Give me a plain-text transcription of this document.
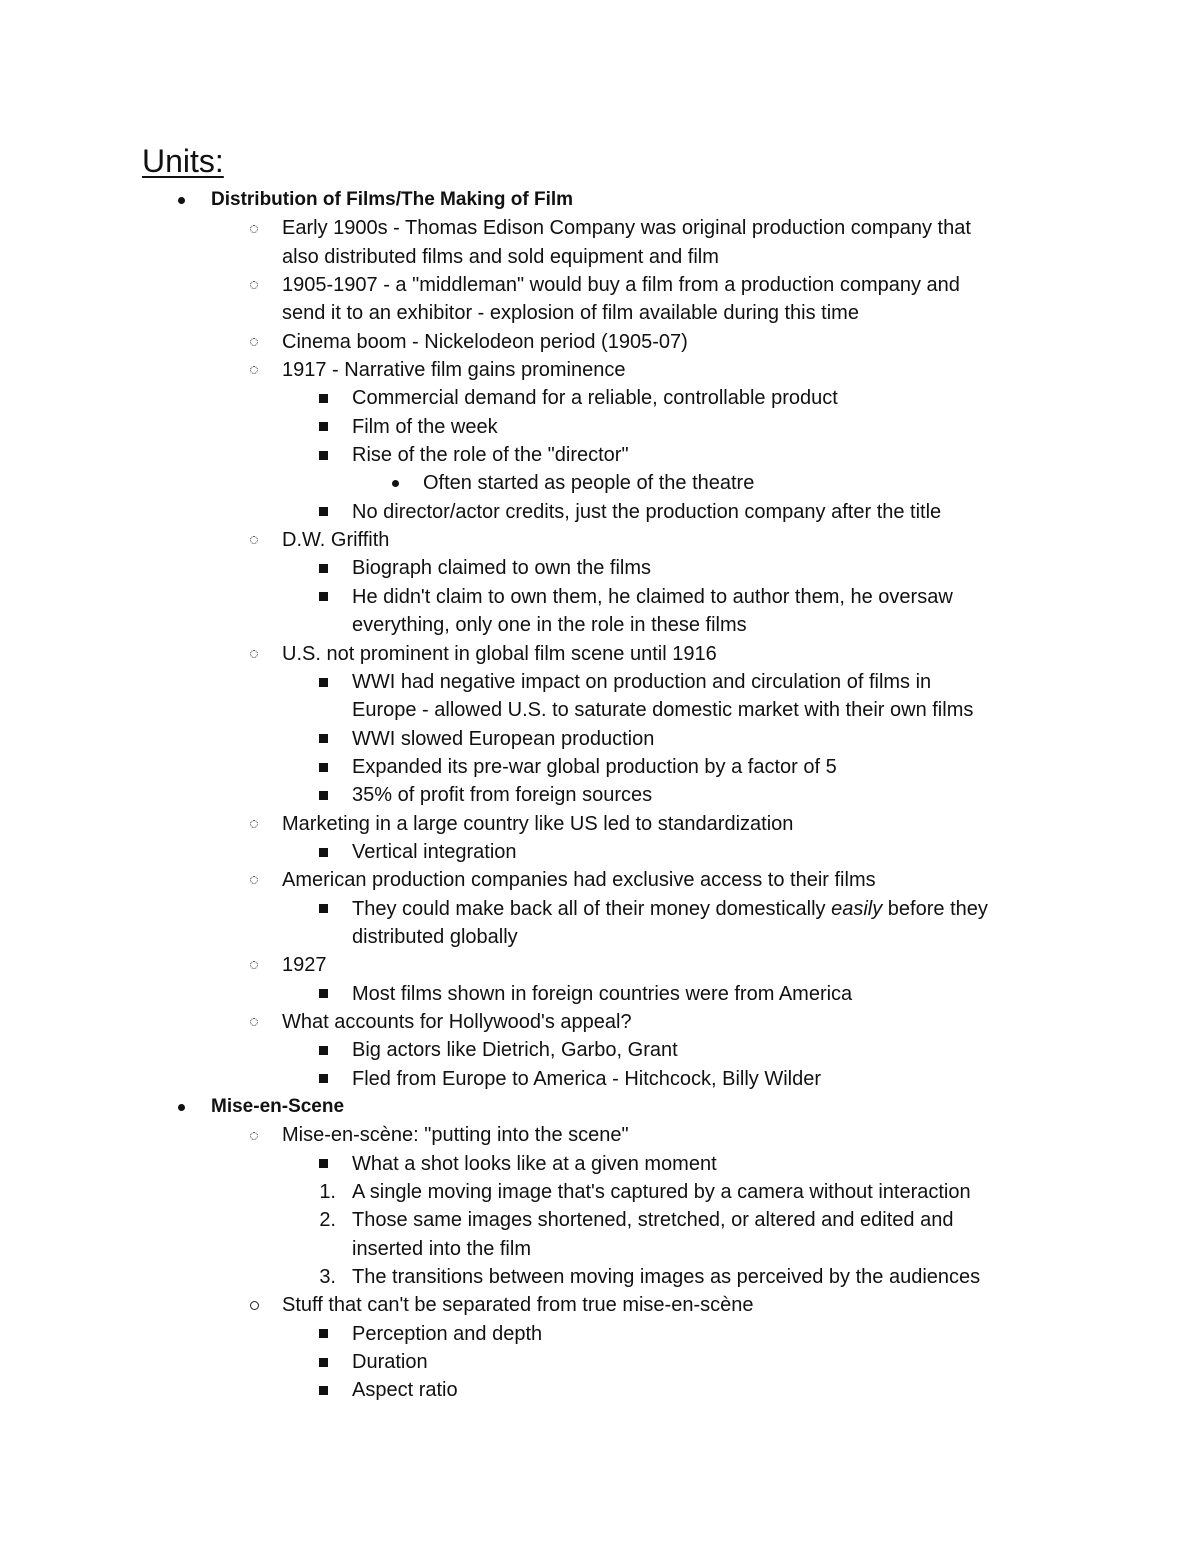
Units:
Distribution of Films/The Making of Film
Early 1900s - Thomas Edison Company was original production company that
also distributed films and sold equipment and film
1905-1907 - a "middleman" would buy a film from a production company and
send it to an exhibitor - explosion of film available during this time
Cinema boom - Nickelodeon period (1905-07)
1917 - Narrative film gains prominence
Commercial demand for a reliable, controllable product
Film of the week
Rise of the role of the "director"
Often started as people of the theatre
No director/actor credits, just the production company after the title
D.W. Griffith
Biograph claimed to own the films
He didn't claim to own them, he claimed to author them, he oversaw
everything, only one in the role in these films
U.S. not prominent in global film scene until 1916
WWI had negative impact on production and circulation of films in
Europe - allowed U.S. to saturate domestic market with their own films
WWI slowed European production
Expanded its pre-war global production by a factor of 5
35% of profit from foreign sources
Marketing in a large country like US led to standardization
Vertical integration
American production companies had exclusive access to their films
They could make back all of their money domestically easily before they
distributed globally
1927
Most films shown in foreign countries were from America
What accounts for Hollywood's appeal?
Big actors like Dietrich, Garbo, Grant
Fled from Europe to America - Hitchcock, Billy Wilder
Mise-en-Scene
Mise-en-scène: "putting into the scene"
What a shot looks like at a given moment
1. A single moving image that's captured by a camera without interaction
2. Those same images shortened, stretched, or altered and edited and
inserted into the film
3. The transitions between moving images as perceived by the audiences
Stuff that can't be separated from true mise-en-scène
Perception and depth
Duration
Aspect ratio
